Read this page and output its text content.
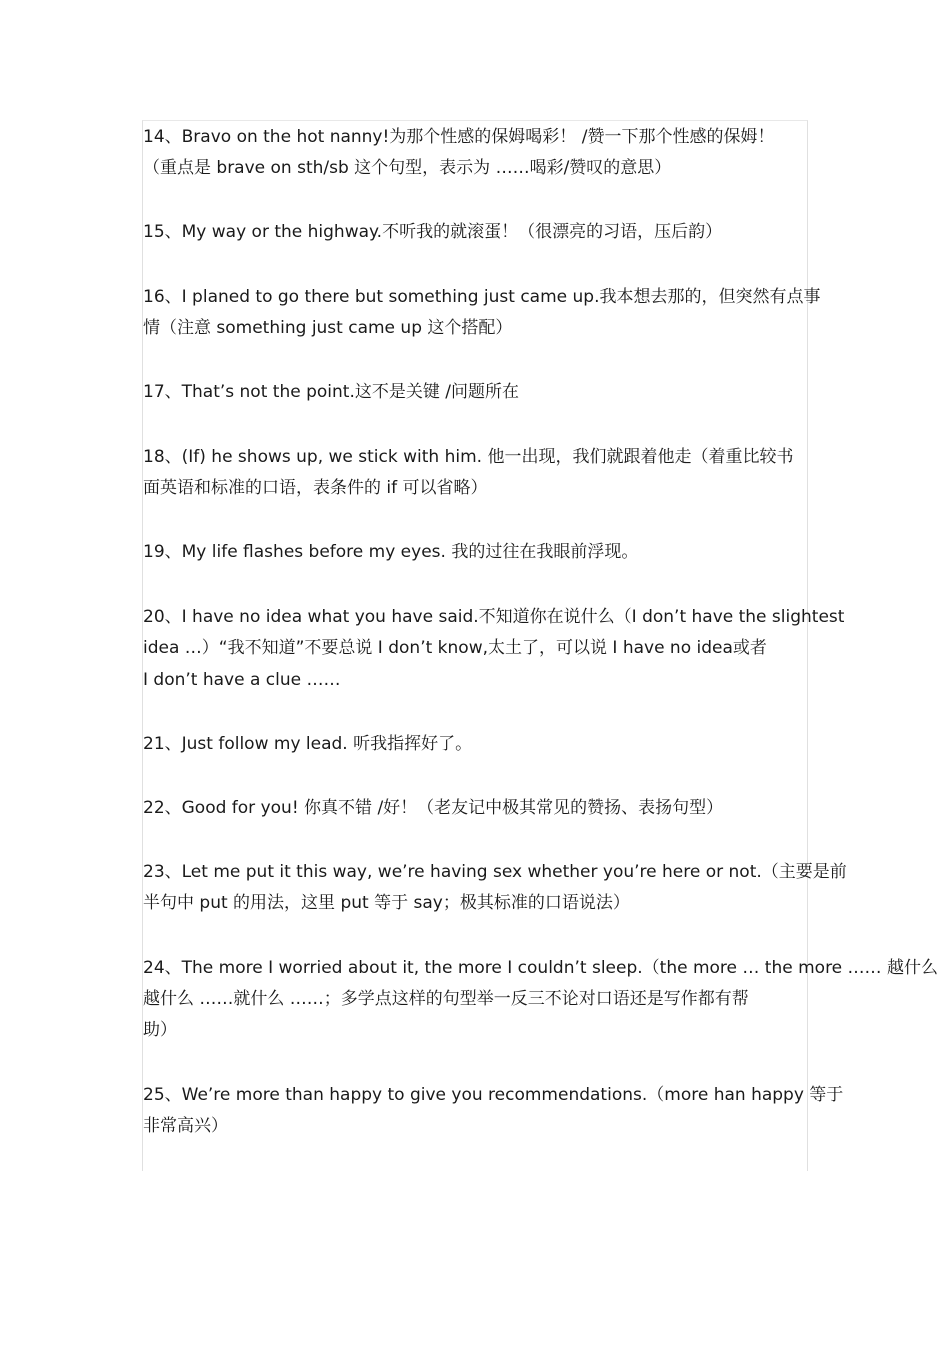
14、Bravo on the hot nanny!为那个性感的保姆喝彩！ /赞一下那个性感的保姆！
（重点是 brave on sth/sb 这个句型，表示为 ……喝彩/赞叹的意思）
15、My way or the highway.不听我的就滚蛋！（很漂亮的习语，压后韵）
16、I planed to go there but something just came up.我本想去那的，但突然有点事
情（注意 something just came up 这个搭配）
17、That’s not the point.这不是关键 /问题所在
18、(If) he shows up, we stick with him. 他一出现，我们就跟着他走（着重比较书
面英语和标准的口语，表条件的 if 可以省略）
19、My life flashes before my eyes. 我的过往在我眼前浮现。
20、I have no idea what you have said.不知道你在说什么（I don’t have the slightest
idea …）“我不知道”不要总说 I don’t know,太土了，可以说 I have no idea或者
I don’t have a clue ……
21、Just follow my lead. 听我指挥好了。
22、Good for you! 你真不错 /好！（老友记中极其常见的赞扬、表扬句型）
23、Let me put it this way, we’re having sex whether you’re here or not.（主要是前
半句中 put 的用法，这里 put 等于 say；极其标准的口语说法）
24、The more I worried about it, the more I couldn’t sleep.（the more … the more …… 越什么
越什么 ……就什么 ……；多学点这样的句型举一反三不论对口语还是写作都有帮
助）
25、We’re more than happy to give you recommendations.（more han happy 等于
非常高兴）
